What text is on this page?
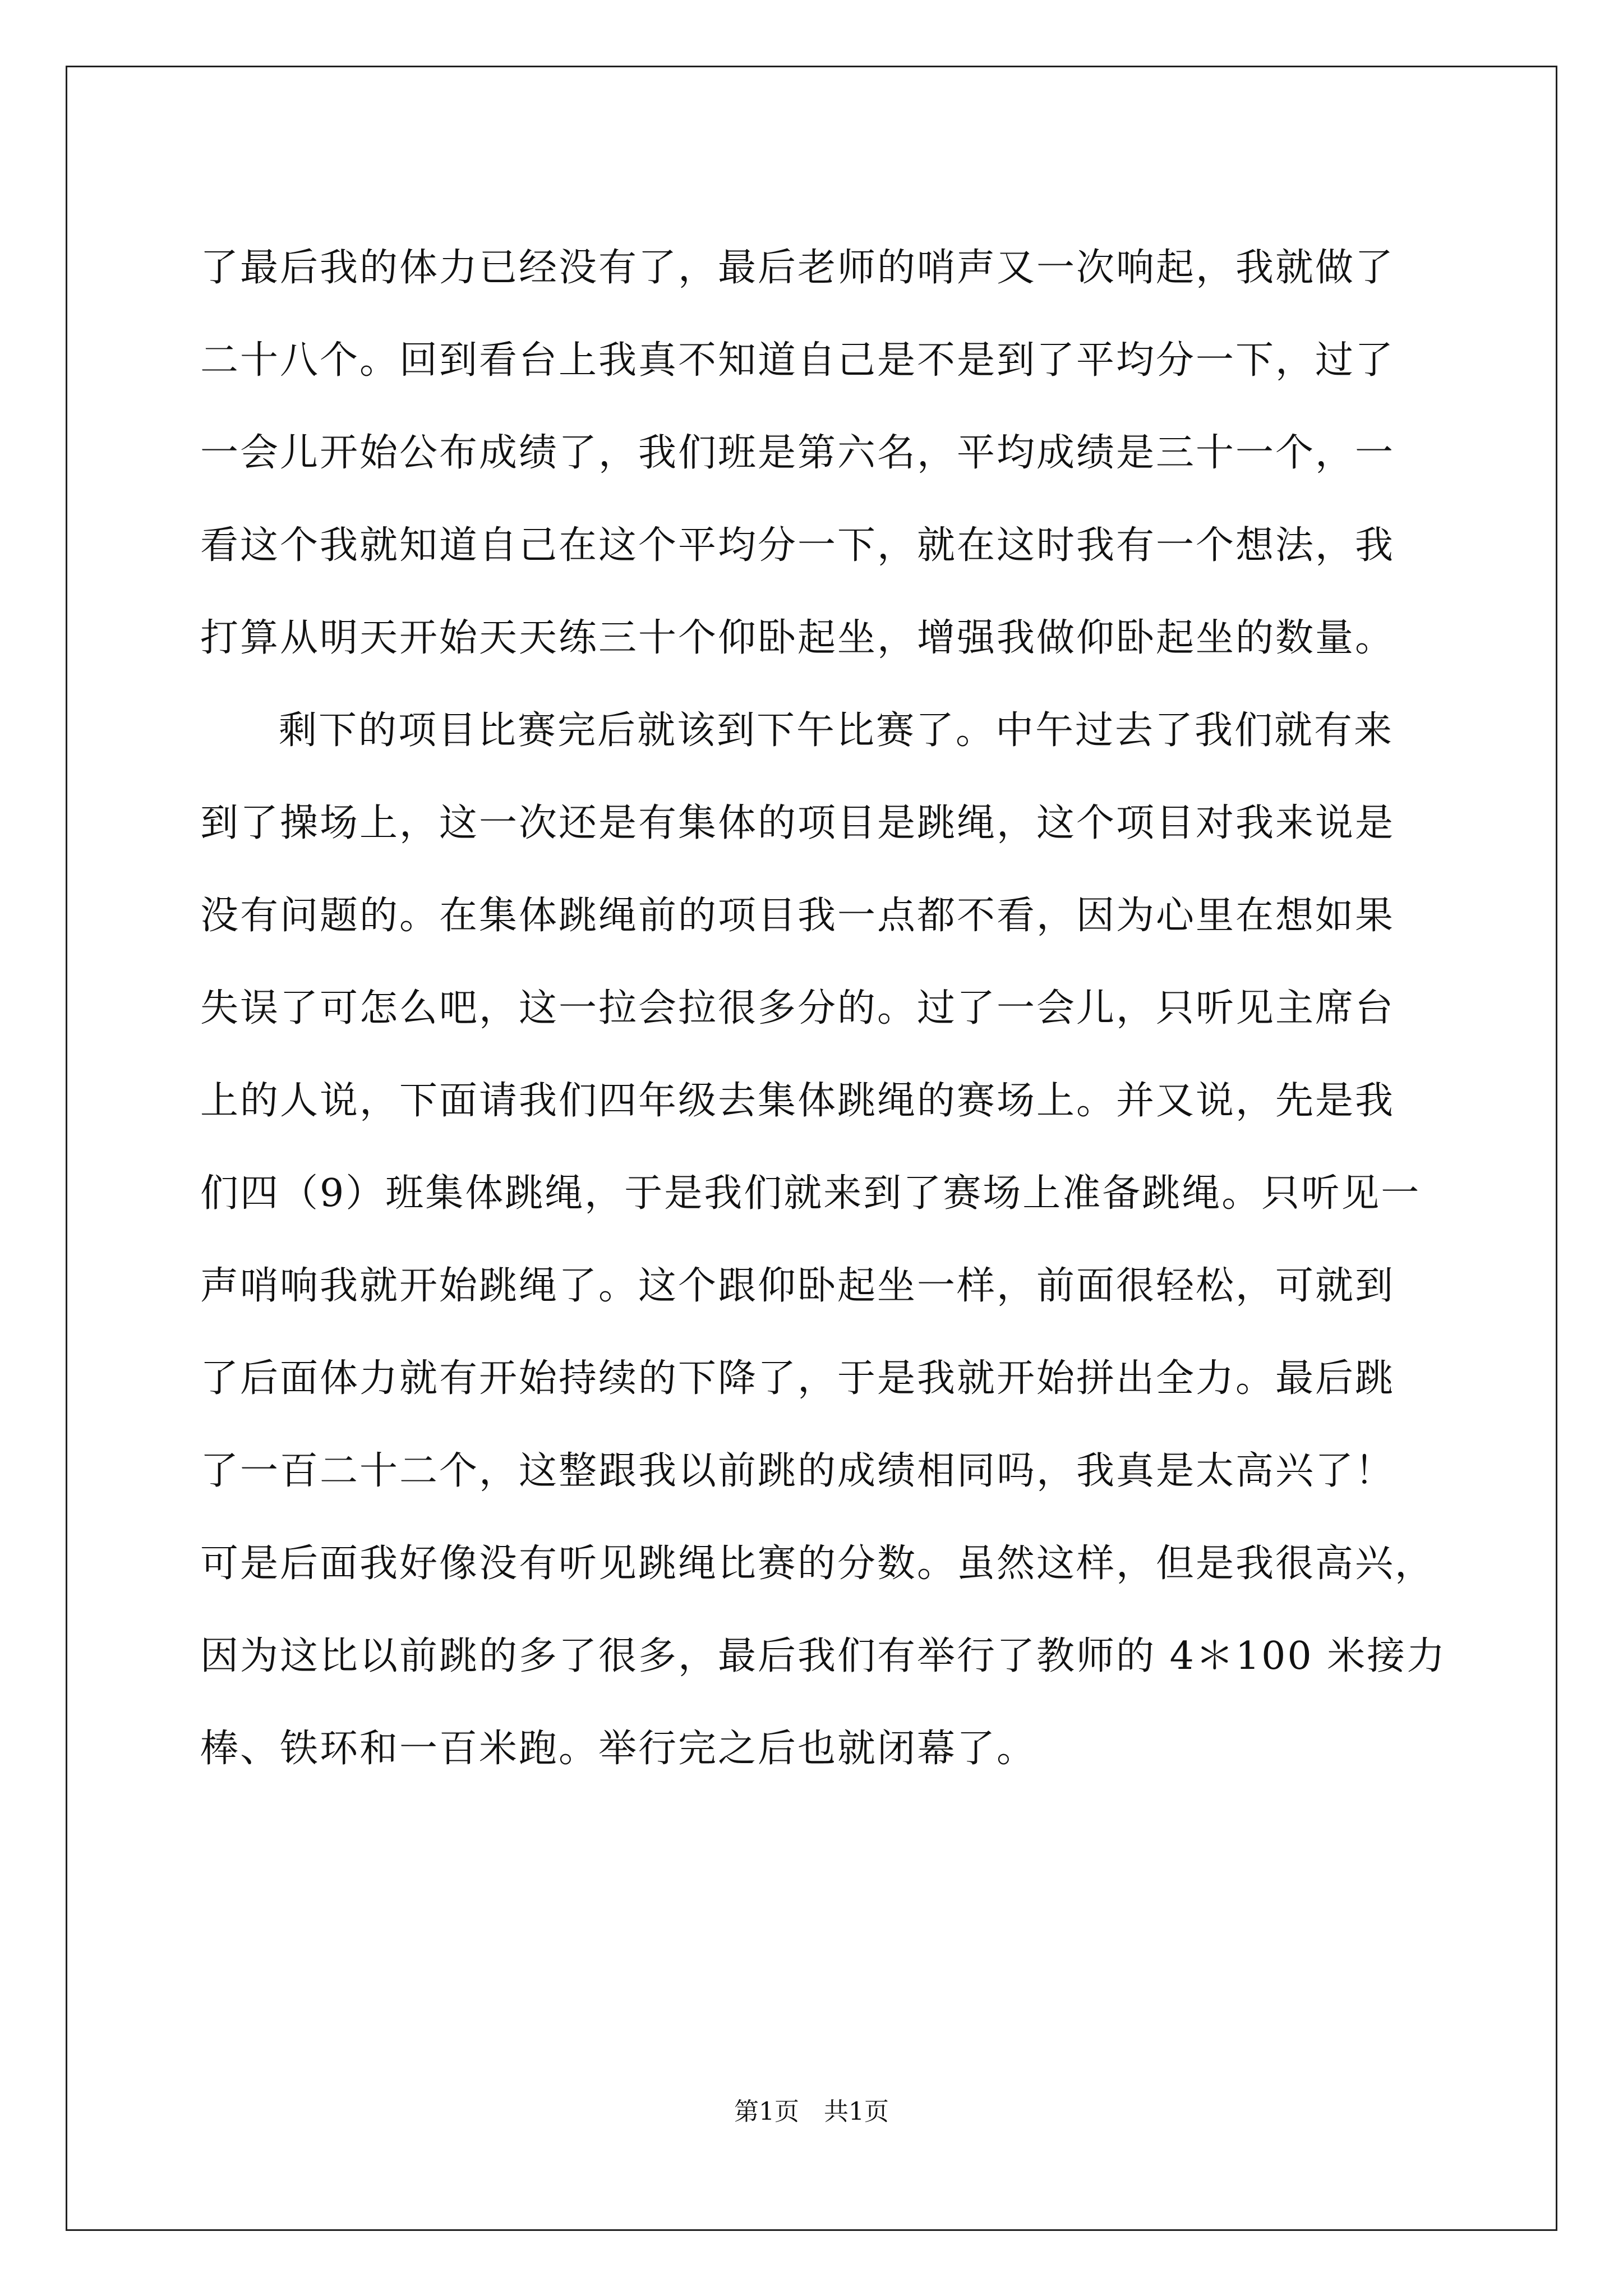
了最后我的体力已经没有了，最后老师的哨声又一次响起，我就做了
二十八个。回到看台上我真不知道自己是不是到了平均分一下，过了
一会儿开始公布成绩了，我们班是第六名，平均成绩是三十一个，一
看这个我就知道自己在这个平均分一下，就在这时我有一个想法，我
打算从明天开始天天练三十个仰卧起坐，增强我做仰卧起坐的数量。
剩下的项目比赛完后就该到下午比赛了。中午过去了我们就有来
到了操场上，这一次还是有集体的项目是跳绳，这个项目对我来说是
没有问题的。在集体跳绳前的项目我一点都不看，因为心里在想如果
失误了可怎么吧，这一拉会拉很多分的。过了一会儿，只听见主席台
上的人说，下面请我们四年级去集体跳绳的赛场上。并又说，先是我
们四（9）班集体跳绳，于是我们就来到了赛场上准备跳绳。只听见一
声哨响我就开始跳绳了。这个跟仰卧起坐一样，前面很轻松，可就到
了后面体力就有开始持续的下降了，于是我就开始拼出全力。最后跳
了一百二十二个，这整跟我以前跳的成绩相同吗，我真是太高兴了！
可是后面我好像没有听见跳绳比赛的分数。虽然这样，但是我很高兴，
因为这比以前跳的多了很多，最后我们有举行了教师的 4＊100 米接力
棒、铁环和一百米跑。举行完之后也就闭幕了。
第1页　共1页
